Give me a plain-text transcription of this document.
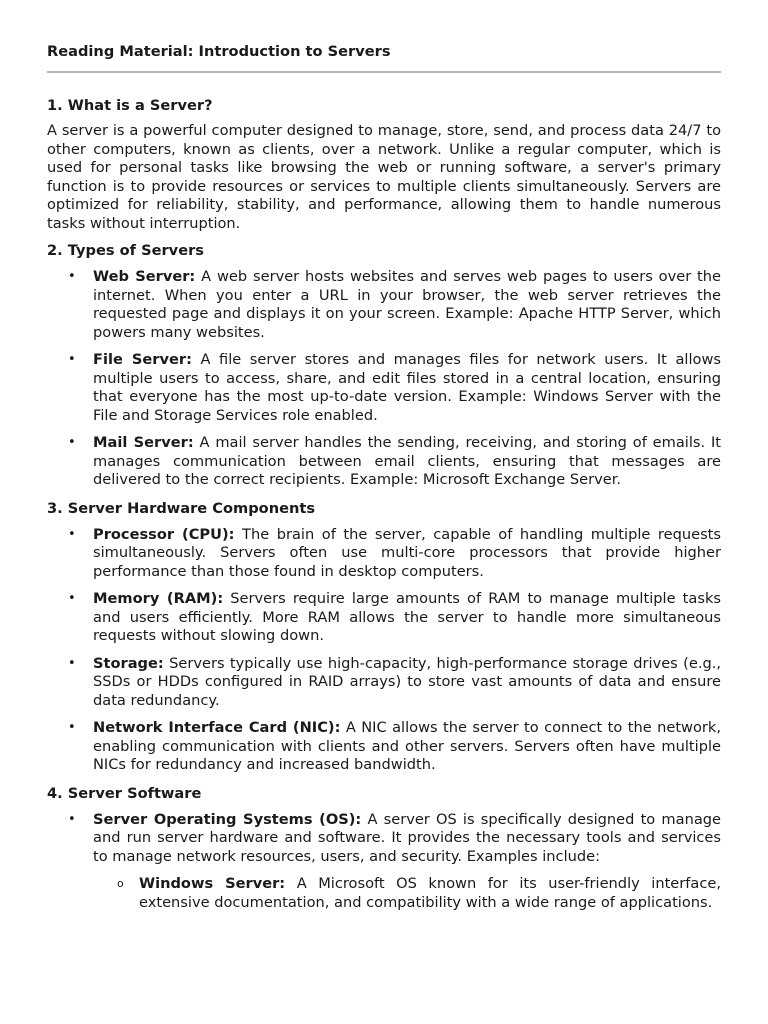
Reading Material: Introduction to Servers
1. What is a Server?

A server is a powerful computer designed to manage, store, send, and process data 24/7 to other computers, known as clients, over a network. Unlike a regular computer, which is used for personal tasks like browsing the web or running software, a server's primary function is to provide resources or services to multiple clients simultaneously. Servers are optimized for reliability, stability, and performance, allowing them to handle numerous tasks without interruption.

2. Types of Servers
• Web Server: A web server hosts websites and serves web pages to users over the internet. When you enter a URL in your browser, the web server retrieves the requested page and displays it on your screen. Example: Apache HTTP Server, which powers many websites.
• File Server: A file server stores and manages files for network users. It allows multiple users to access, share, and edit files stored in a central location, ensuring that everyone has the most up-to-date version. Example: Windows Server with the File and Storage Services role enabled.
• Mail Server: A mail server handles the sending, receiving, and storing of emails. It manages communication between email clients, ensuring that messages are delivered to the correct recipients. Example: Microsoft Exchange Server.
3. Server Hardware Components
• Processor (CPU): The brain of the server, capable of handling multiple requests simultaneously. Servers often use multi-core processors that provide higher performance than those found in desktop computers.
• Memory (RAM): Servers require large amounts of RAM to manage multiple tasks and users efficiently. More RAM allows the server to handle more simultaneous requests without slowing down.
• Storage: Servers typically use high-capacity, high-performance storage drives (e.g., SSDs or HDDs configured in RAID arrays) to store vast amounts of data and ensure data redundancy.
• Network Interface Card (NIC): A NIC allows the server to connect to the network, enabling communication with clients and other servers. Servers often have multiple NICs for redundancy and increased bandwidth.
4. Server Software
• Server Operating Systems (OS): A server OS is specifically designed to manage and run server hardware and software. It provides the necessary tools and services to manage network resources, users, and security. Examples include:
o Windows Server: A Microsoft OS known for its user-friendly interface, extensive documentation, and compatibility with a wide range of applications.
